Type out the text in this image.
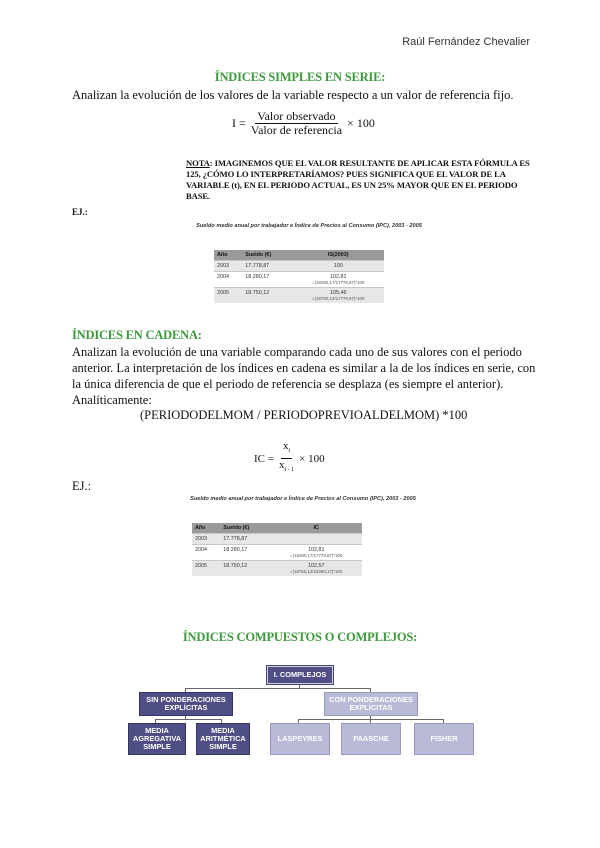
Raúl Fernández Chevalier
ÍNDICES SIMPLES EN SERIE:
Analizan la evolución de los valores de la variable respecto a un valor de referencia fijo.
$I = \frac{\text{Valor observado}}{\text{Valor de referencia}} \times 100$
NOTA: IMAGINEMOS QUE EL VALOR RESULTANTE DE APLICAR ESTA FÓRMULA ES 125, ¿CÓMO LO INTERPRETARÍAMOS? PUES SIGNIFICA QUE EL VALOR DE LA VARIABLE (t), EN EL PERIODO ACTUAL, ES UN 25% MAYOR QUE EN EL PERIODO BASE.
EJ.:
Sueldo medio anual por trabajador e Índice de Precios al Consumo (IPC), 2003 - 2005
Año	Sueldo (€)	IS(2003)
2003	17.778,87	100
2004	18.280,17	102,81
=(18280,17/17778,87)*100

2005	18.750,12	105,46
=(18750,12/17778,87)*100
ÍNDICES EN CADENA:
Analizan la evolución de una variable comparando cada uno de sus valores con el periodo anterior. La interpretación de los índices en cadena es similar a la de los índices en serie, con la única diferencia de que el periodo de referencia se desplaza (es siempre el anterior).
Analíticamente:
(PERIODODELMOM / PERIODOPREVIOALDELMOM) *100
IC = $\frac{x_t}{x_{t - 1}} \times 100$
EJ.:
Sueldo medio anual por trabajador e Índice de Precios al Consumo (IPC), 2003 - 2005
Año	Sueldo (€)	IC
2003	17.778,87	
2004	18.280,17	102,81
=(18280,17/17778,87)*100

2005	18.750,12	102,57
=(18750,12/18280,17)*100
ÍNDICES COMPUESTOS O COMPLEJOS:
I. COMPLEJOS
SIN PONDERACIONES EXPLÍCITAS
CON PONDERACIONES EXPLÍCITAS
MEDIA AGREGATIVA SIMPLE
MEDIA ARITMÉTICA SIMPLE
LASPEYRES	PAASCHE	FISHER
